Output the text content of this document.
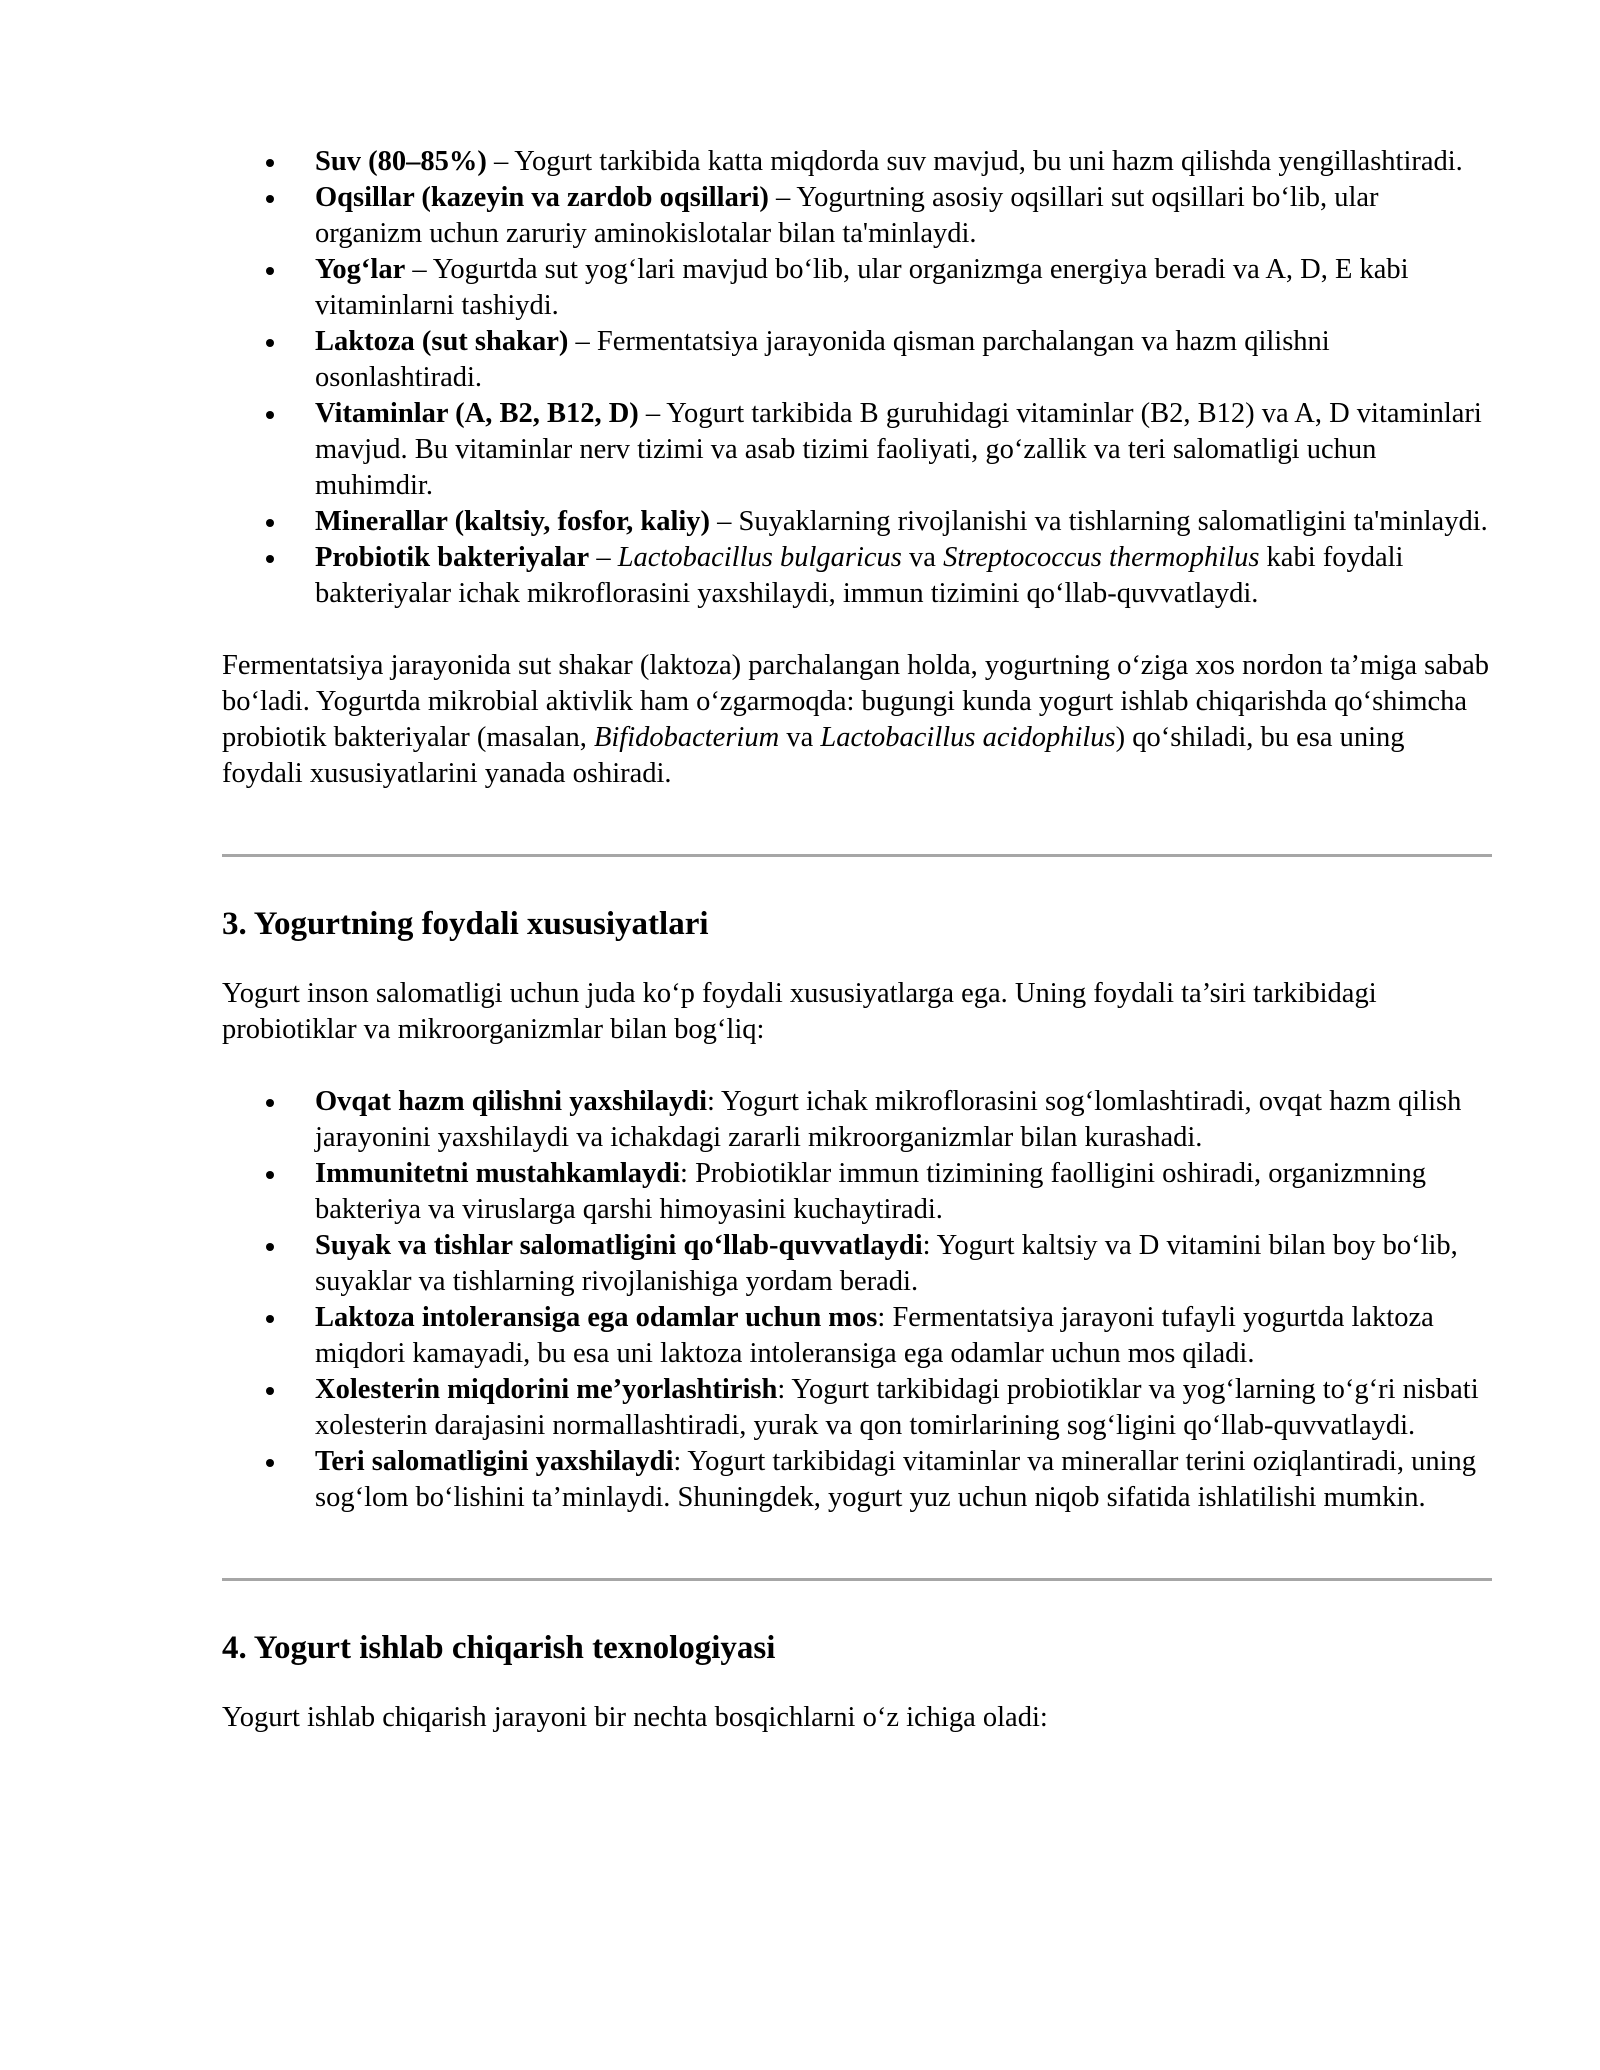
Suv (80–85%) – Yogurt tarkibida katta miqdorda suv mavjud, bu uni hazm qilishda yengillashtiradi.
Oqsillar (kazeyin va zardob oqsillari) – Yogurtning asosiy oqsillari sut oqsillari bo‘lib, ular organizm uchun zaruriy aminokislotalar bilan ta'minlaydi.
Yog‘lar – Yogurtda sut yog‘lari mavjud bo‘lib, ular organizmga energiya beradi va A, D, E kabi vitaminlarni tashiydi.
Laktoza (sut shakar) – Fermentatsiya jarayonida qisman parchalangan va hazm qilishni osonlashtiradi.
Vitaminlar (A, B2, B12, D) – Yogurt tarkibida B guruhidagi vitaminlar (B2, B12) va A, D vitaminlari mavjud. Bu vitaminlar nerv tizimi va asab tizimi faoliyati, go‘zallik va teri salomatligi uchun muhimdir.
Minerallar (kaltsiy, fosfor, kaliy) – Suyaklarning rivojlanishi va tishlarning salomatligini ta'minlaydi.
Probiotik bakteriyalar – Lactobacillus bulgaricus va Streptococcus thermophilus kabi foydali bakteriyalar ichak mikroflorasini yaxshilaydi, immun tizimini qo‘llab-quvvatlaydi.

Fermentatsiya jarayonida sut shakar (laktoza) parchalangan holda, yogurtning o‘ziga xos nordon ta’miga sabab bo‘ladi. Yogurtda mikrobial aktivlik ham o‘zgarmoqda: bugungi kunda yogurt ishlab chiqarishda qo‘shimcha probiotik bakteriyalar (masalan, Bifidobacterium va Lactobacillus acidophilus) qo‘shiladi, bu esa uning foydali xususiyatlarini yanada oshiradi.

3. Yogurtning foydali xususiyatlari

Yogurt inson salomatligi uchun juda ko‘p foydali xususiyatlarga ega. Uning foydali ta’siri tarkibidagi probiotiklar va mikroorganizmlar bilan bog‘liq:

Ovqat hazm qilishni yaxshilaydi: Yogurt ichak mikroflorasini sog‘lomlashtiradi, ovqat hazm qilish jarayonini yaxshilaydi va ichakdagi zararli mikroorganizmlar bilan kurashadi.
Immunitetni mustahkamlaydi: Probiotiklar immun tizimining faolligini oshiradi, organizmning bakteriya va viruslarga qarshi himoyasini kuchaytiradi.
Suyak va tishlar salomatligini qo‘llab-quvvatlaydi: Yogurt kaltsiy va D vitamini bilan boy bo‘lib, suyaklar va tishlarning rivojlanishiga yordam beradi.
Laktoza intoleransiga ega odamlar uchun mos: Fermentatsiya jarayoni tufayli yogurtda laktoza miqdori kamayadi, bu esa uni laktoza intoleransiga ega odamlar uchun mos qiladi.
Xolesterin miqdorini me’yorlashtirish: Yogurt tarkibidagi probiotiklar va yog‘larning to‘g‘ri nisbati xolesterin darajasini normallashtiradi, yurak va qon tomirlarining sog‘ligini qo‘llab-quvvatlaydi.
Teri salomatligini yaxshilaydi: Yogurt tarkibidagi vitaminlar va minerallar terini oziqlantiradi, uning sog‘lom bo‘lishini ta’minlaydi. Shuningdek, yogurt yuz uchun niqob sifatida ishlatilishi mumkin.
4. Yogurt ishlab chiqarish texnologiyasi

Yogurt ishlab chiqarish jarayoni bir nechta bosqichlarni o‘z ichiga oladi:
